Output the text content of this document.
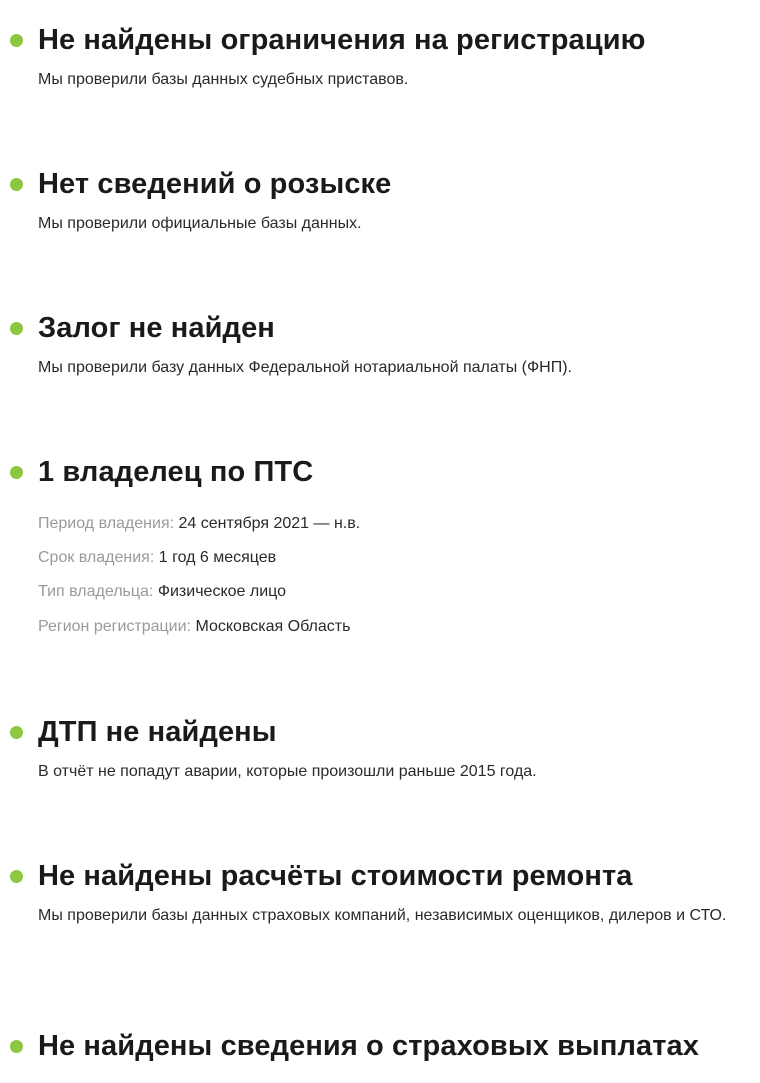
Не найдены ограничения на регистрацию

Мы проверили базы данных судебных приставов.

Нет сведений о розыске

Мы проверили официальные базы данных.

Залог не найден

Мы проверили базу данных Федеральной нотариальной палаты (ФНП).

1 владелец по ПТС

Период владения: 24 сентября 2021 — н.в.

Срок владения: 1 год 6 месяцев

Тип владельца: Физическое лицо

Регион регистрации: Московская Область

ДТП не найдены

В отчёт не попадут аварии, которые произошли раньше 2015 года.

Не найдены расчёты стоимости ремонта

Мы проверили базы данных страховых компаний, независимых оценщиков, дилеров и СТО.

Не найдены сведения о страховых выплатах
